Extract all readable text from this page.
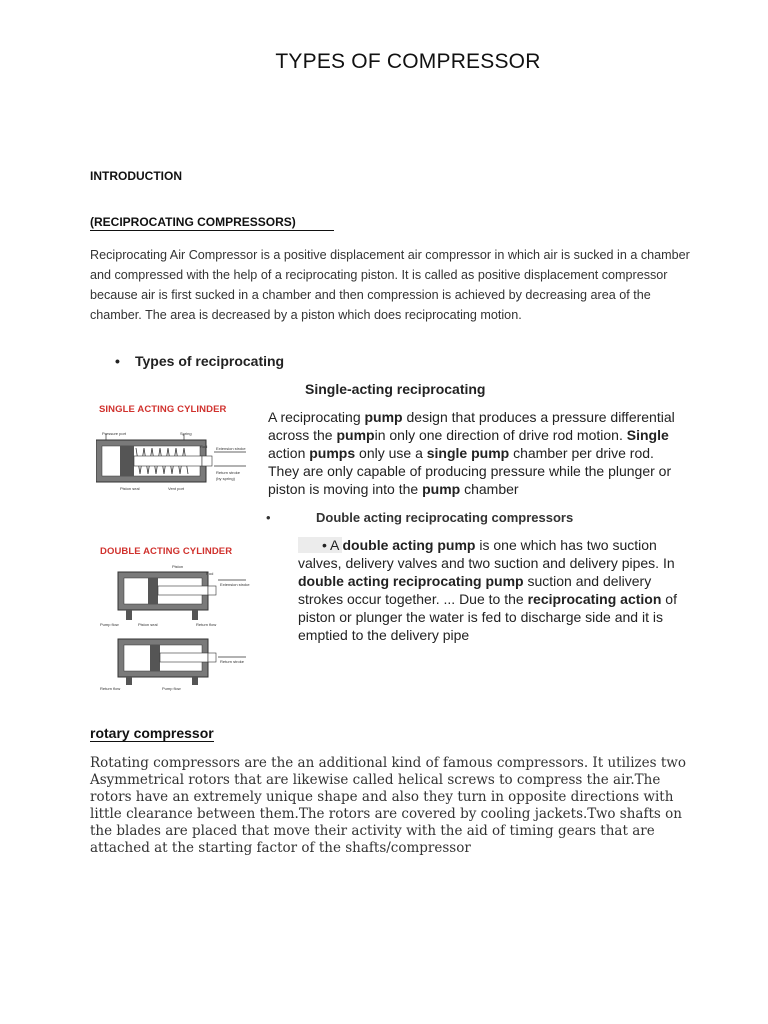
TYPES OF COMPRESSOR
INTRODUCTION
(RECIPROCATING COMPRESSORS)
Reciprocating Air Compressor is a positive displacement air compressor in which air is sucked in a chamber and compressed with the help of a reciprocating piston. It is called as positive displacement compressor because air is first sucked in a chamber and then compression is achieved by decreasing area of the chamber. The area is decreased by a piston which does reciprocating motion.
• Types of reciprocating
Single-acting reciprocating
A reciprocating pump design that produces a pressure differential across the pumpin only one direction of drive rod motion. Single action pumps only use a single pump chamber per drive rod. They are only capable of producing pressure while the plunger or piston is moving into the pump chamber
•	Double acting reciprocating compressors
• A double acting pump is one which has two suction valves, delivery valves and two suction and delivery pipes. In double acting reciprocating pump suction and delivery strokes occur together. ... Due to the reciprocating action of piston or plunger the water is fed to discharge side and it is emptied to the delivery pipe
SINGLE ACTING CYLINDER
Pressure port	Spring
Rod Extension stroke
Return stroke
(by spring)
Piston seal	Vent port
DOUBLE ACTING CYLINDER
Piston
Rod
Extension stroke
Pump flow	Piston seal	Return flow
Return stroke
Return flow	Pump flow
rotary compressor
Rotating compressors are the an additional kind of famous compressors. It utilizes two Asymmetrical rotors that are likewise called helical screws to compress the air.The rotors have an extremely unique shape and also they turn in opposite directions with little clearance between them.The rotors are covered by cooling jackets.Two shafts on the blades are placed that move their activity with the aid of timing gears that are attached at the starting factor of the shafts/compressor
